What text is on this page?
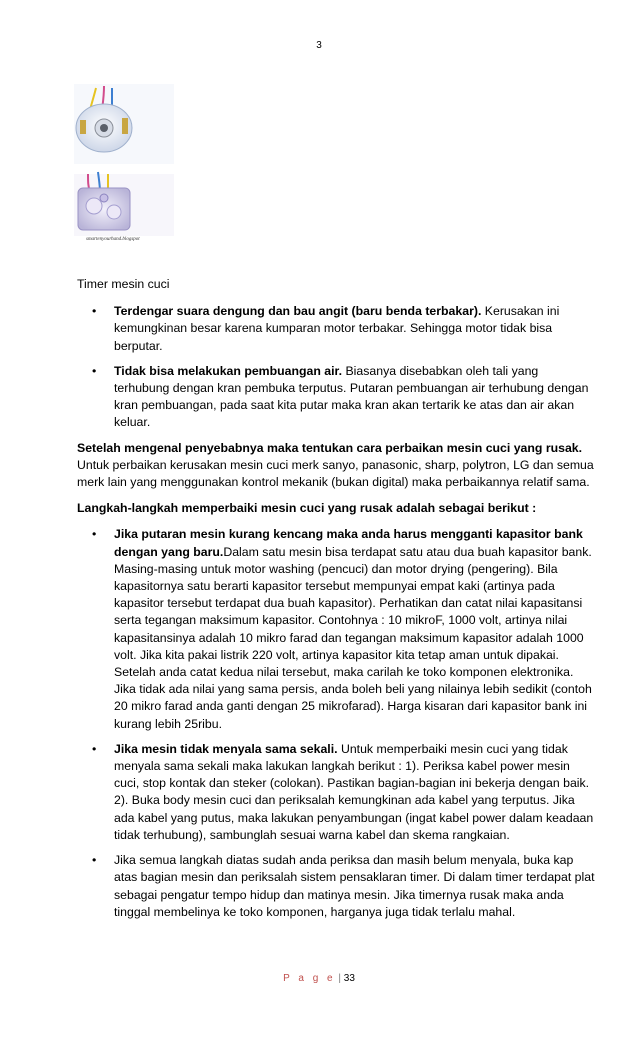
3
smartenyourhand.blogspot

Timer mesin cuci

• Terdengar suara dengung dan bau angit (baru benda terbakar). Kerusakan ini kemungkinan besar karena kumparan motor terbakar. Sehingga motor tidak bisa berputar.
• Tidak bisa melakukan pembuangan air. Biasanya disebabkan oleh tali yang terhubung dengan kran pembuka terputus. Putaran pembuangan air terhubung dengan kran pembuangan, pada saat kita putar maka kran akan tertarik ke atas dan air akan keluar.

Setelah mengenal penyebabnya maka tentukan cara perbaikan mesin cuci yang rusak. Untuk perbaikan kerusakan mesin cuci merk sanyo, panasonic, sharp, polytron, LG dan semua merk lain yang menggunakan kontrol mekanik (bukan digital) maka perbaikannya relatif sama.

Langkah-langkah memperbaiki mesin cuci yang rusak adalah sebagai berikut :

• Jika putaran mesin kurang kencang maka anda harus mengganti kapasitor bank dengan yang baru.Dalam satu mesin bisa terdapat satu atau dua buah kapasitor bank. Masing-masing untuk motor washing (pencuci) dan motor drying (pengering). Bila kapasitornya satu berarti kapasitor tersebut mempunyai empat kaki (artinya pada kapasitor tersebut terdapat dua buah kapasitor). Perhatikan dan catat nilai kapasitansi serta tegangan maksimum kapasitor. Contohnya : 10 mikroF, 1000 volt, artinya nilai kapasitansinya adalah 10 mikro farad dan tegangan maksimum kapasitor adalah 1000 volt. Jika kita pakai listrik 220 volt, artinya kapasitor kita tetap aman untuk dipakai. Setelah anda catat kedua nilai tersebut, maka carilah ke toko komponen elektronika. Jika tidak ada nilai yang sama persis, anda boleh beli yang nilainya lebih sedikit (contoh 20 mikro farad anda ganti dengan 25 mikrofarad). Harga kisaran dari kapasitor bank ini kurang lebih 25ribu.
• Jika mesin tidak menyala sama sekali. Untuk memperbaiki mesin cuci yang tidak menyala sama sekali maka lakukan langkah berikut : 1). Periksa kabel power mesin cuci, stop kontak dan steker (colokan). Pastikan bagian-bagian ini bekerja dengan baik. 2). Buka body mesin cuci dan periksalah kemungkinan ada kabel yang terputus. Jika ada kabel yang putus, maka lakukan penyambungan (ingat kabel power dalam keadaan tidak terhubung), sambunglah sesuai warna kabel dan skema rangkaian.
• Jika semua langkah diatas sudah anda periksa dan masih belum menyala, buka kap atas bagian mesin dan periksalah sistem pensaklaran timer. Di dalam timer terdapat plat sebagai pengatur tempo hidup dan matinya mesin. Jika timernya rusak maka anda tinggal membelinya ke toko komponen, harganya juga tidak terlalu mahal.
P a g e | 33
